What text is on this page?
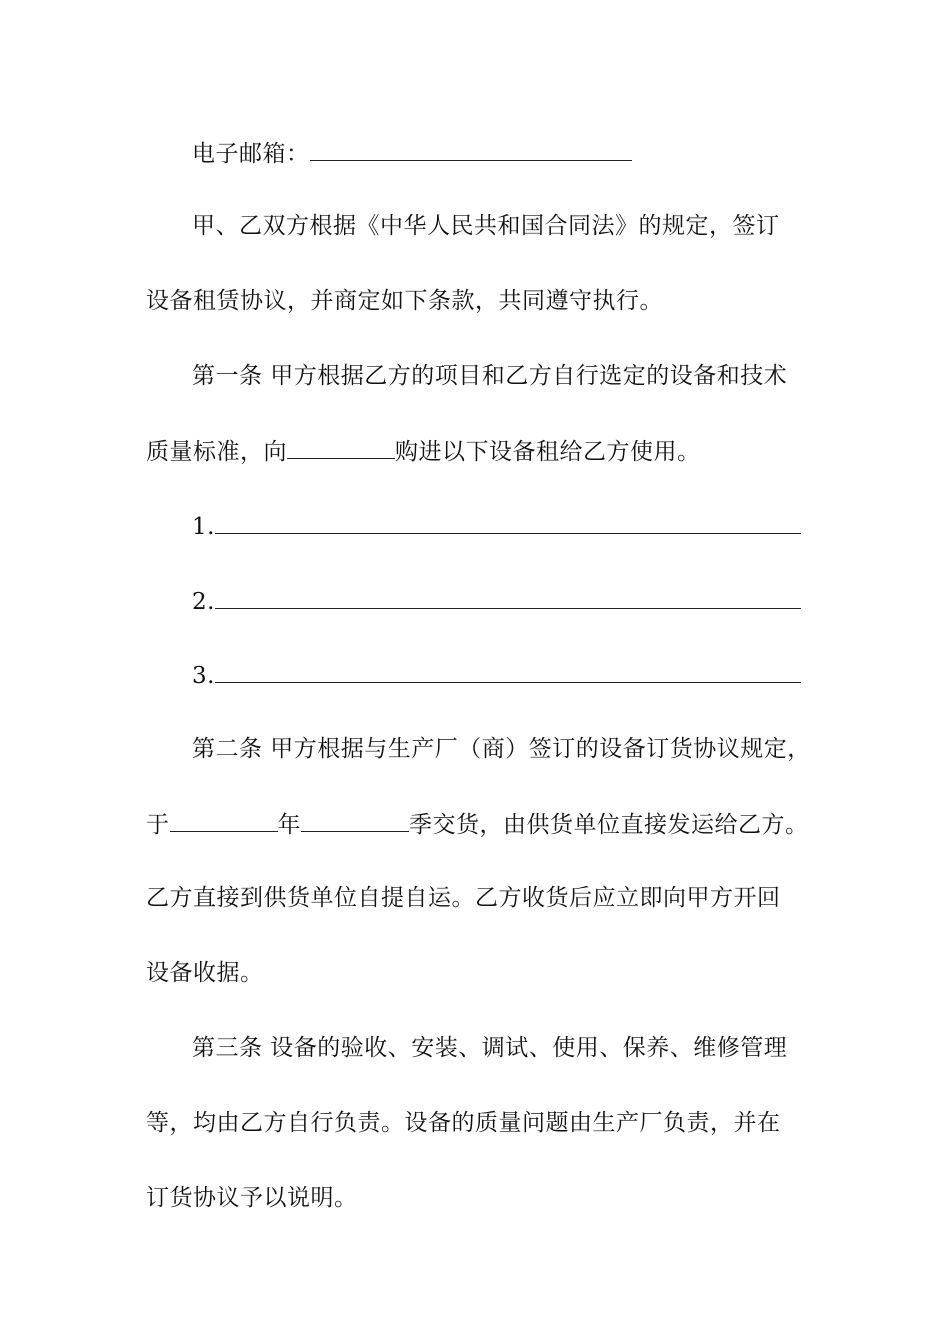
电子邮箱：
甲、乙双方根据《中华人民共和国合同法》的规定，签订
设备租赁协议，并商定如下条款，共同遵守执行。
第一条 甲方根据乙方的项目和乙方自行选定的设备和技术
质量标准，向	购进以下设备租给乙方使用。
1.
2.
3.
第二条 甲方根据与生产厂（商）签订的设备订货协议规定，
于	年	季交货，由供货单位直接发运给乙方。
乙方直接到供货单位自提自运。乙方收货后应立即向甲方开回
设备收据。
第三条 设备的验收、安装、调试、使用、保养、维修管理
等，均由乙方自行负责。设备的质量问题由生产厂负责，并在
订货协议予以说明。
